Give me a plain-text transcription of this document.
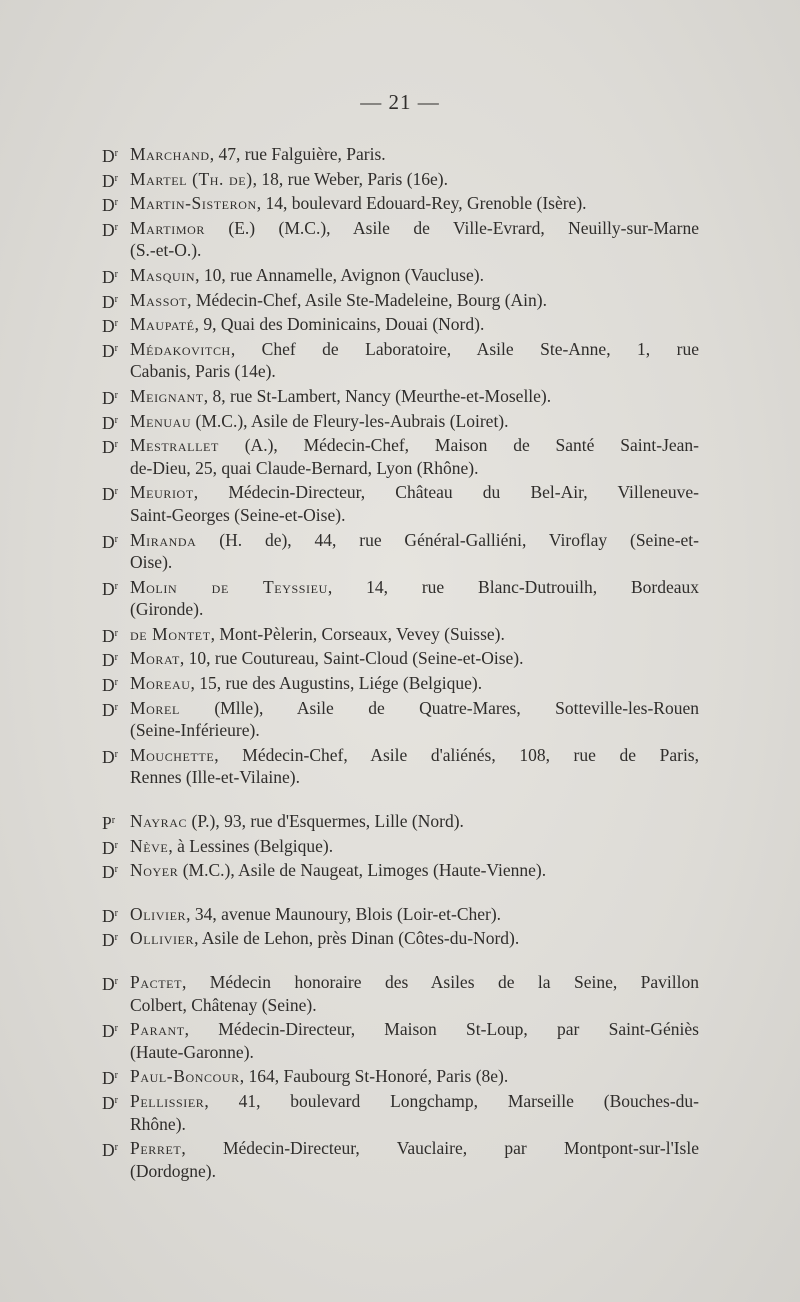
— 21 —
$D^r$ Marchand, 47, rue Falguière, Paris.
$D^r$ Martel (Th. de), 18, rue Weber, Paris (16e).
$D^r$ Martin-Sisteron, 14, boulevard Edouard-Rey, Grenoble (Isère).
$D^r$ Martimor (E.) (M.C.), Asile de Ville-Evrard, Neuilly-sur-Marne
(S.-et-O.).
$D^r$ Masquin, 10, rue Annamelle, Avignon (Vaucluse).
$D^r$ Massot, Médecin-Chef, Asile Ste-Madeleine, Bourg (Ain).
$D^r$ Maupaté, 9, Quai des Dominicains, Douai (Nord).
$D^r$ Médakovitch, Chef de Laboratoire, Asile Ste-Anne, 1, rue
Cabanis, Paris (14e).
$D^r$ Meignant, 8, rue St-Lambert, Nancy (Meurthe-et-Moselle).
$D^r$ Menuau (M.C.), Asile de Fleury-les-Aubrais (Loiret).
$D^r$ Mestrallet (A.), Médecin-Chef, Maison de Santé Saint-Jean-
de-Dieu, 25, quai Claude-Bernard, Lyon (Rhône).
$D^r$ Meuriot, Médecin-Directeur, Château du Bel-Air, Villeneuve-
Saint-Georges (Seine-et-Oise).
$D^r$ Miranda (H. de), 44, rue Général-Galliéni, Viroflay (Seine-et-
Oise).
$D^r$ Molin de Teyssieu, 14, rue Blanc-Dutrouilh, Bordeaux
(Gironde).
$D^r$ de Montet, Mont-Pèlerin, Corseaux, Vevey (Suisse).
$D^r$ Morat, 10, rue Coutureau, Saint-Cloud (Seine-et-Oise).
$D^r$ Moreau, 15, rue des Augustins, Liége (Belgique).
$D^r$ Morel (Mlle), Asile de Quatre-Mares, Sotteville-les-Rouen
(Seine-Inférieure).
$D^r$ Mouchette, Médecin-Chef, Asile d'aliénés, 108, rue de Paris,
Rennes (Ille-et-Vilaine).
$P^r$ Nayrac (P.), 93, rue d'Esquermes, Lille (Nord).
$D^r$ Nève, à Lessines (Belgique).
$D^r$ Noyer (M.C.), Asile de Naugeat, Limoges (Haute-Vienne).
$D^r$ Olivier, 34, avenue Maunoury, Blois (Loir-et-Cher).
$D^r$ Ollivier, Asile de Lehon, près Dinan (Côtes-du-Nord).
$D^r$ Pactet, Médecin honoraire des Asiles de la Seine, Pavillon
Colbert, Châtenay (Seine).
$D^r$ Parant, Médecin-Directeur, Maison St-Loup, par Saint-Géniès
(Haute-Garonne).
$D^r$ Paul-Boncour, 164, Faubourg St-Honoré, Paris (8e).
$D^r$ Pellissier, 41, boulevard Longchamp, Marseille (Bouches-du-
Rhône).
$D^r$ Perret, Médecin-Directeur, Vauclaire, par Montpont-sur-l'Isle
(Dordogne).
